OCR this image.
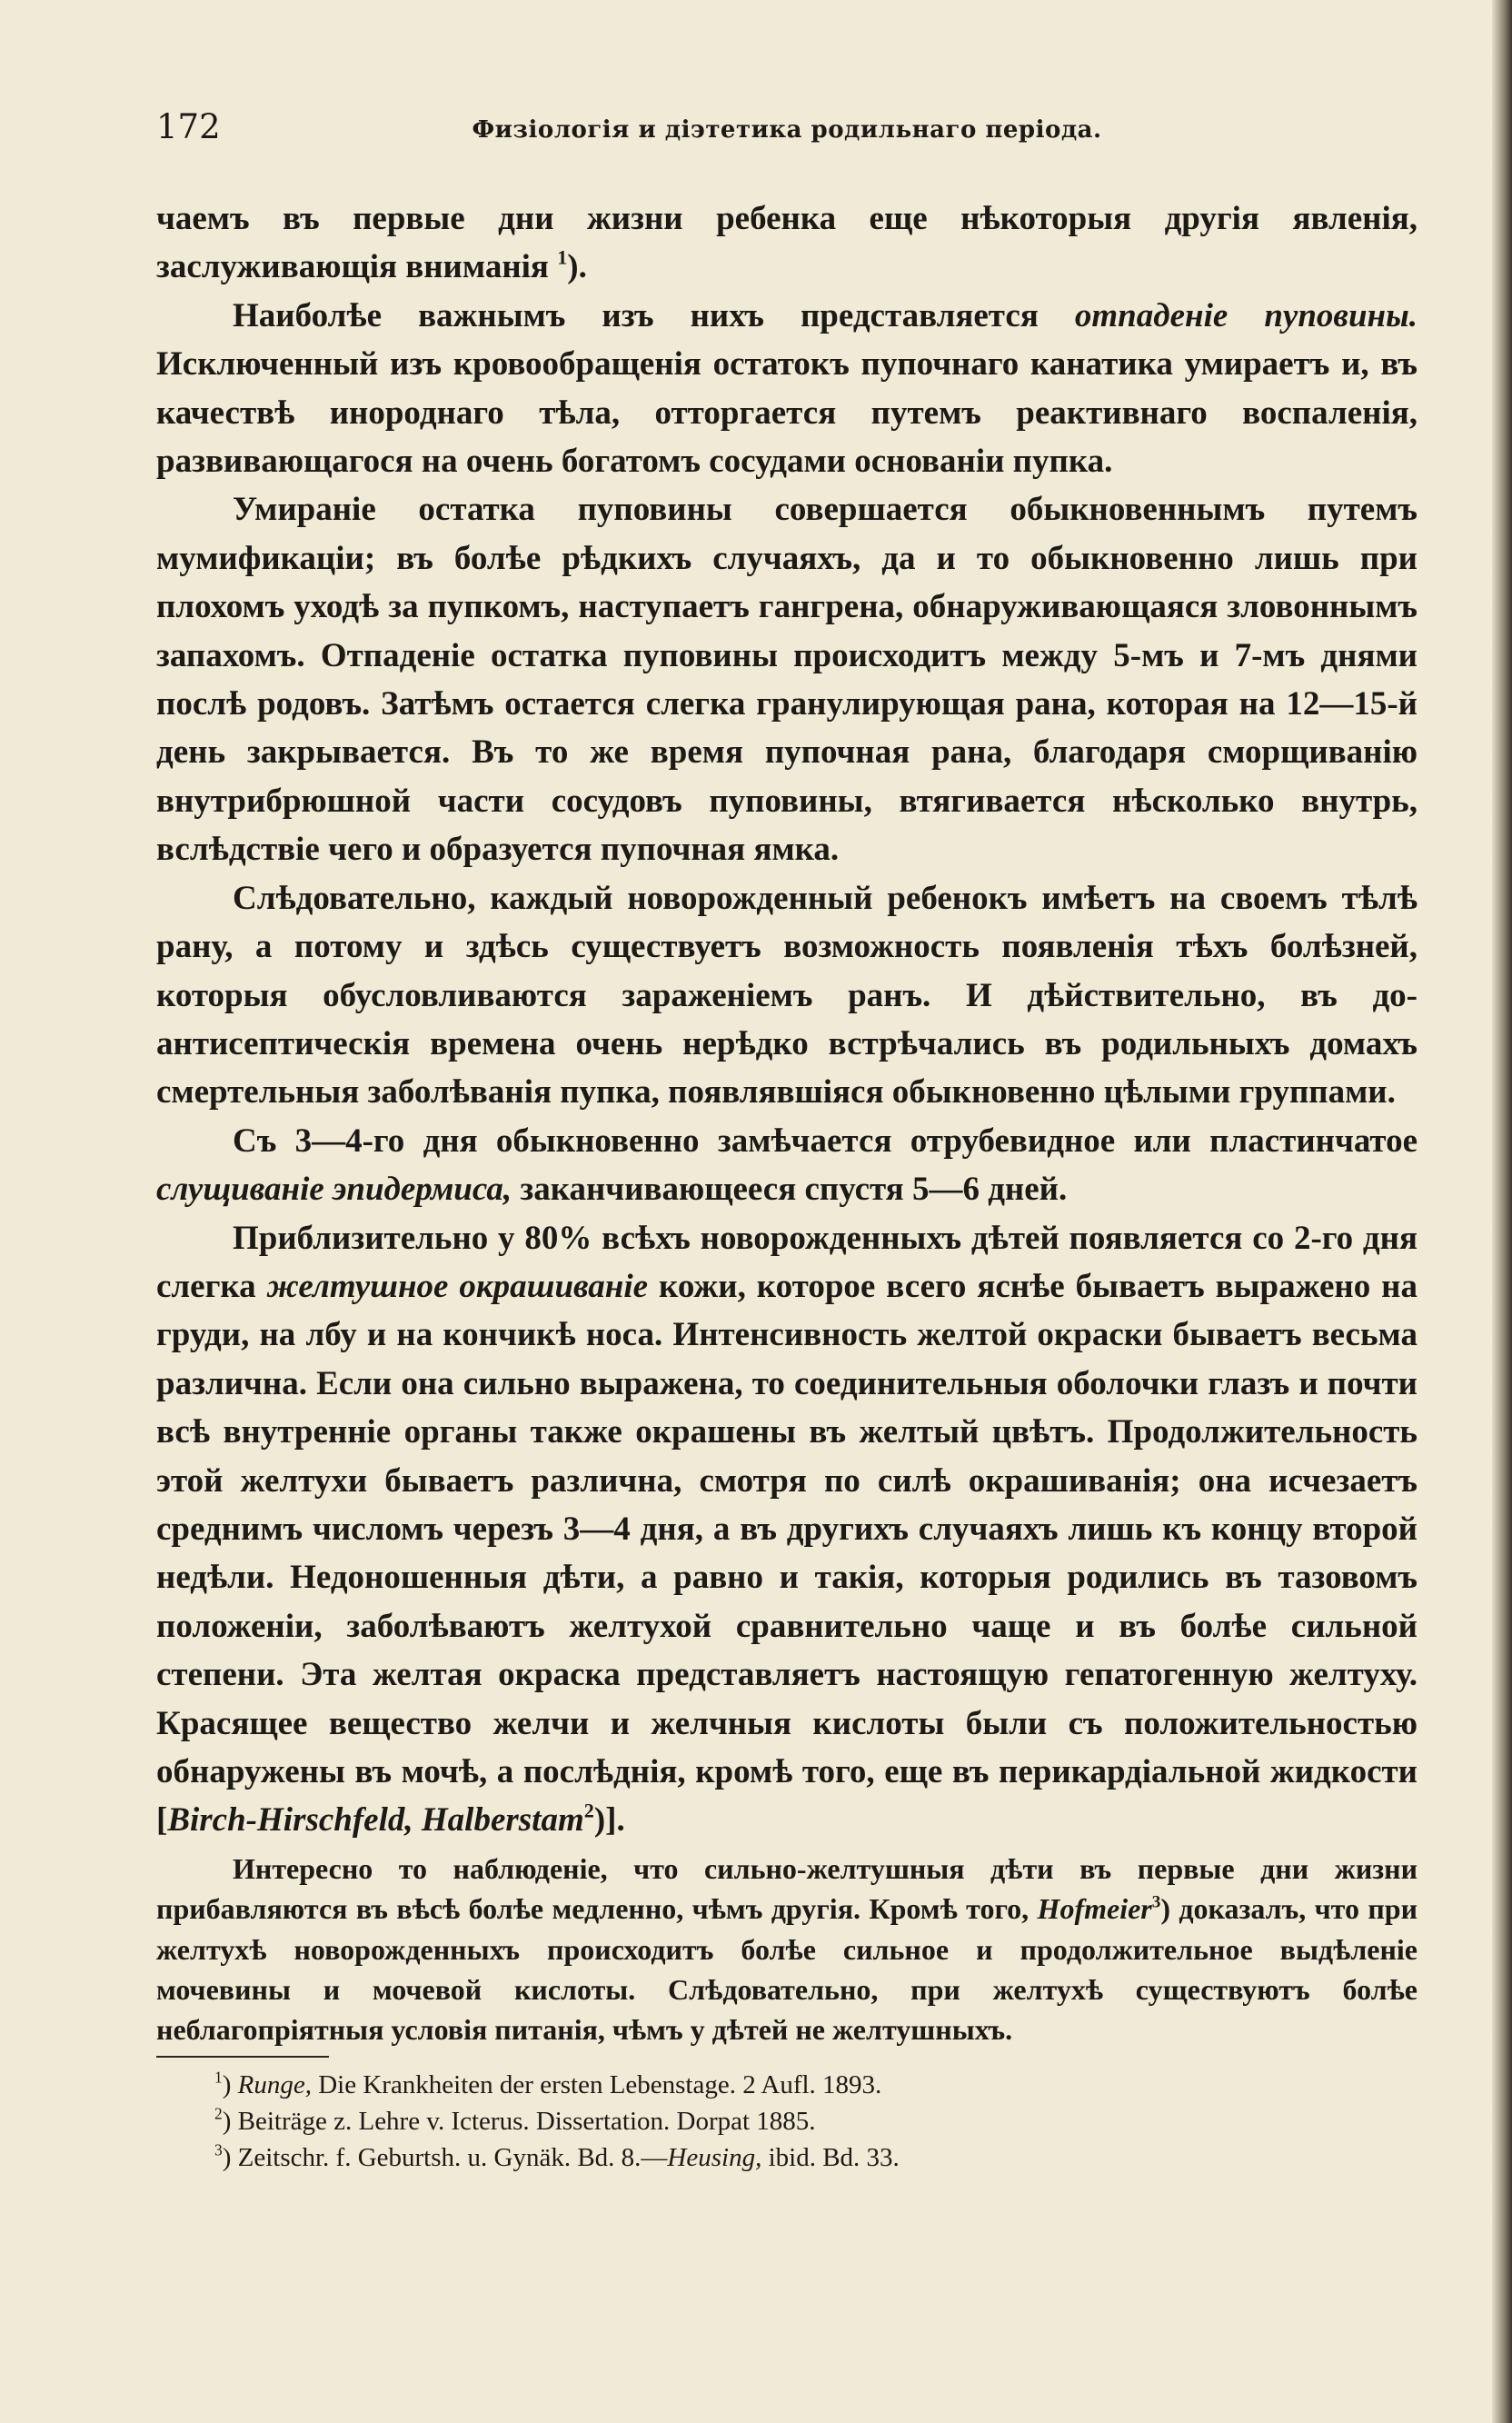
172	Физіологія и діэтетика родильнаго періода.

чаемъ въ первые дни жизни ребенка еще нѣкоторыя другія явленія, заслуживающія вниманія $^1$).

Наиболѣе важнымъ изъ нихъ представляется отпаденіе пуповины. Исключенный изъ кровообращенія остатокъ пупочнаго канатика умираетъ и, въ качествѣ инороднаго тѣла, отторгается путемъ реактивнаго воспаленія, развивающагося на очень богатомъ сосудами основаніи пупка.

Умираніе остатка пуповины совершается обыкновеннымъ путемъ мумификаціи; въ болѣе рѣдкихъ случаяхъ, да и то обыкновенно лишь при плохомъ уходѣ за пупкомъ, наступаетъ гангрена, обнаруживающаяся зловоннымъ запахомъ. Отпаденіе остатка пуповины происходитъ между 5-мъ и 7-мъ днями послѣ родовъ. Затѣмъ остается слегка гранулирующая рана, которая на 12—15-й день закрывается. Въ то же время пупочная рана, благодаря сморщиванію внутрибрюшной части сосудовъ пуповины, втягивается нѣсколько внутрь, вслѣдствіе чего и образуется пупочная ямка.

Слѣдовательно, каждый новорожденный ребенокъ имѣетъ на своемъ тѣлѣ рану, а потому и здѣсь существуетъ возможность появленія тѣхъ болѣзней, которыя обусловливаются зараженіемъ ранъ. И дѣйствительно, въ до-антисептическія времена очень нерѣдко встрѣчались въ родильныхъ домахъ смертельныя заболѣванія пупка, появлявшіяся обыкновенно цѣлыми группами.

Съ 3—4-го дня обыкновенно замѣчается отрубевидное или пластинчатое слущиваніе эпидермиса, заканчивающееся спустя 5—6 дней.

Приблизительно у 80% всѣхъ новорожденныхъ дѣтей появляется со 2-го дня слегка желтушное окрашиваніе кожи, которое всего яснѣе бываетъ выражено на груди, на лбу и на кончикѣ носа. Интенсивность желтой окраски бываетъ весьма различна. Если она сильно выражена, то соединительныя оболочки глазъ и почти всѣ внутренніе органы также окрашены въ желтый цвѣтъ. Продолжительность этой желтухи бываетъ различна, смотря по силѣ окрашиванія; она исчезаетъ среднимъ числомъ черезъ 3—4 дня, а въ другихъ случаяхъ лишь къ концу второй недѣли. Недоношенныя дѣти, а равно и такія, которыя родились въ тазовомъ положеніи, заболѣваютъ желтухой сравнительно чаще и въ болѣе сильной степени. Эта желтая окраска представляетъ настоящую гепатогенную желтуху. Красящее вещество желчи и желчныя кислоты были съ положительностью обнаружены въ мочѣ, а послѣднія, кромѣ того, еще въ перикардіальной жидкости [Birch-Hirschfeld, Halberstam$^2$)].

Интересно то наблюденіе, что сильно-желтушныя дѣти въ первые дни жизни прибавляются въ вѣсѣ болѣе медленно, чѣмъ другія. Кромѣ того, Hofmeier$^3$) доказалъ, что при желтухѣ новорожденныхъ происходитъ болѣе сильное и продолжительное выдѣленіе мочевины и мочевой кислоты. Слѣдовательно, при желтухѣ существуютъ болѣе неблагопріятныя условія питанія, чѣмъ у дѣтей не желтушныхъ.

$^1$) Runge, Die Krankheiten der ersten Lebenstage. 2 Aufl. 1893.
$^2$) Beiträge z. Lehre v. Icterus. Dissertation. Dorpat 1885.
$^3$) Zeitschr. f. Geburtsh. u. Gynäk. Bd. 8.—Heusing, ibid. Bd. 33.
